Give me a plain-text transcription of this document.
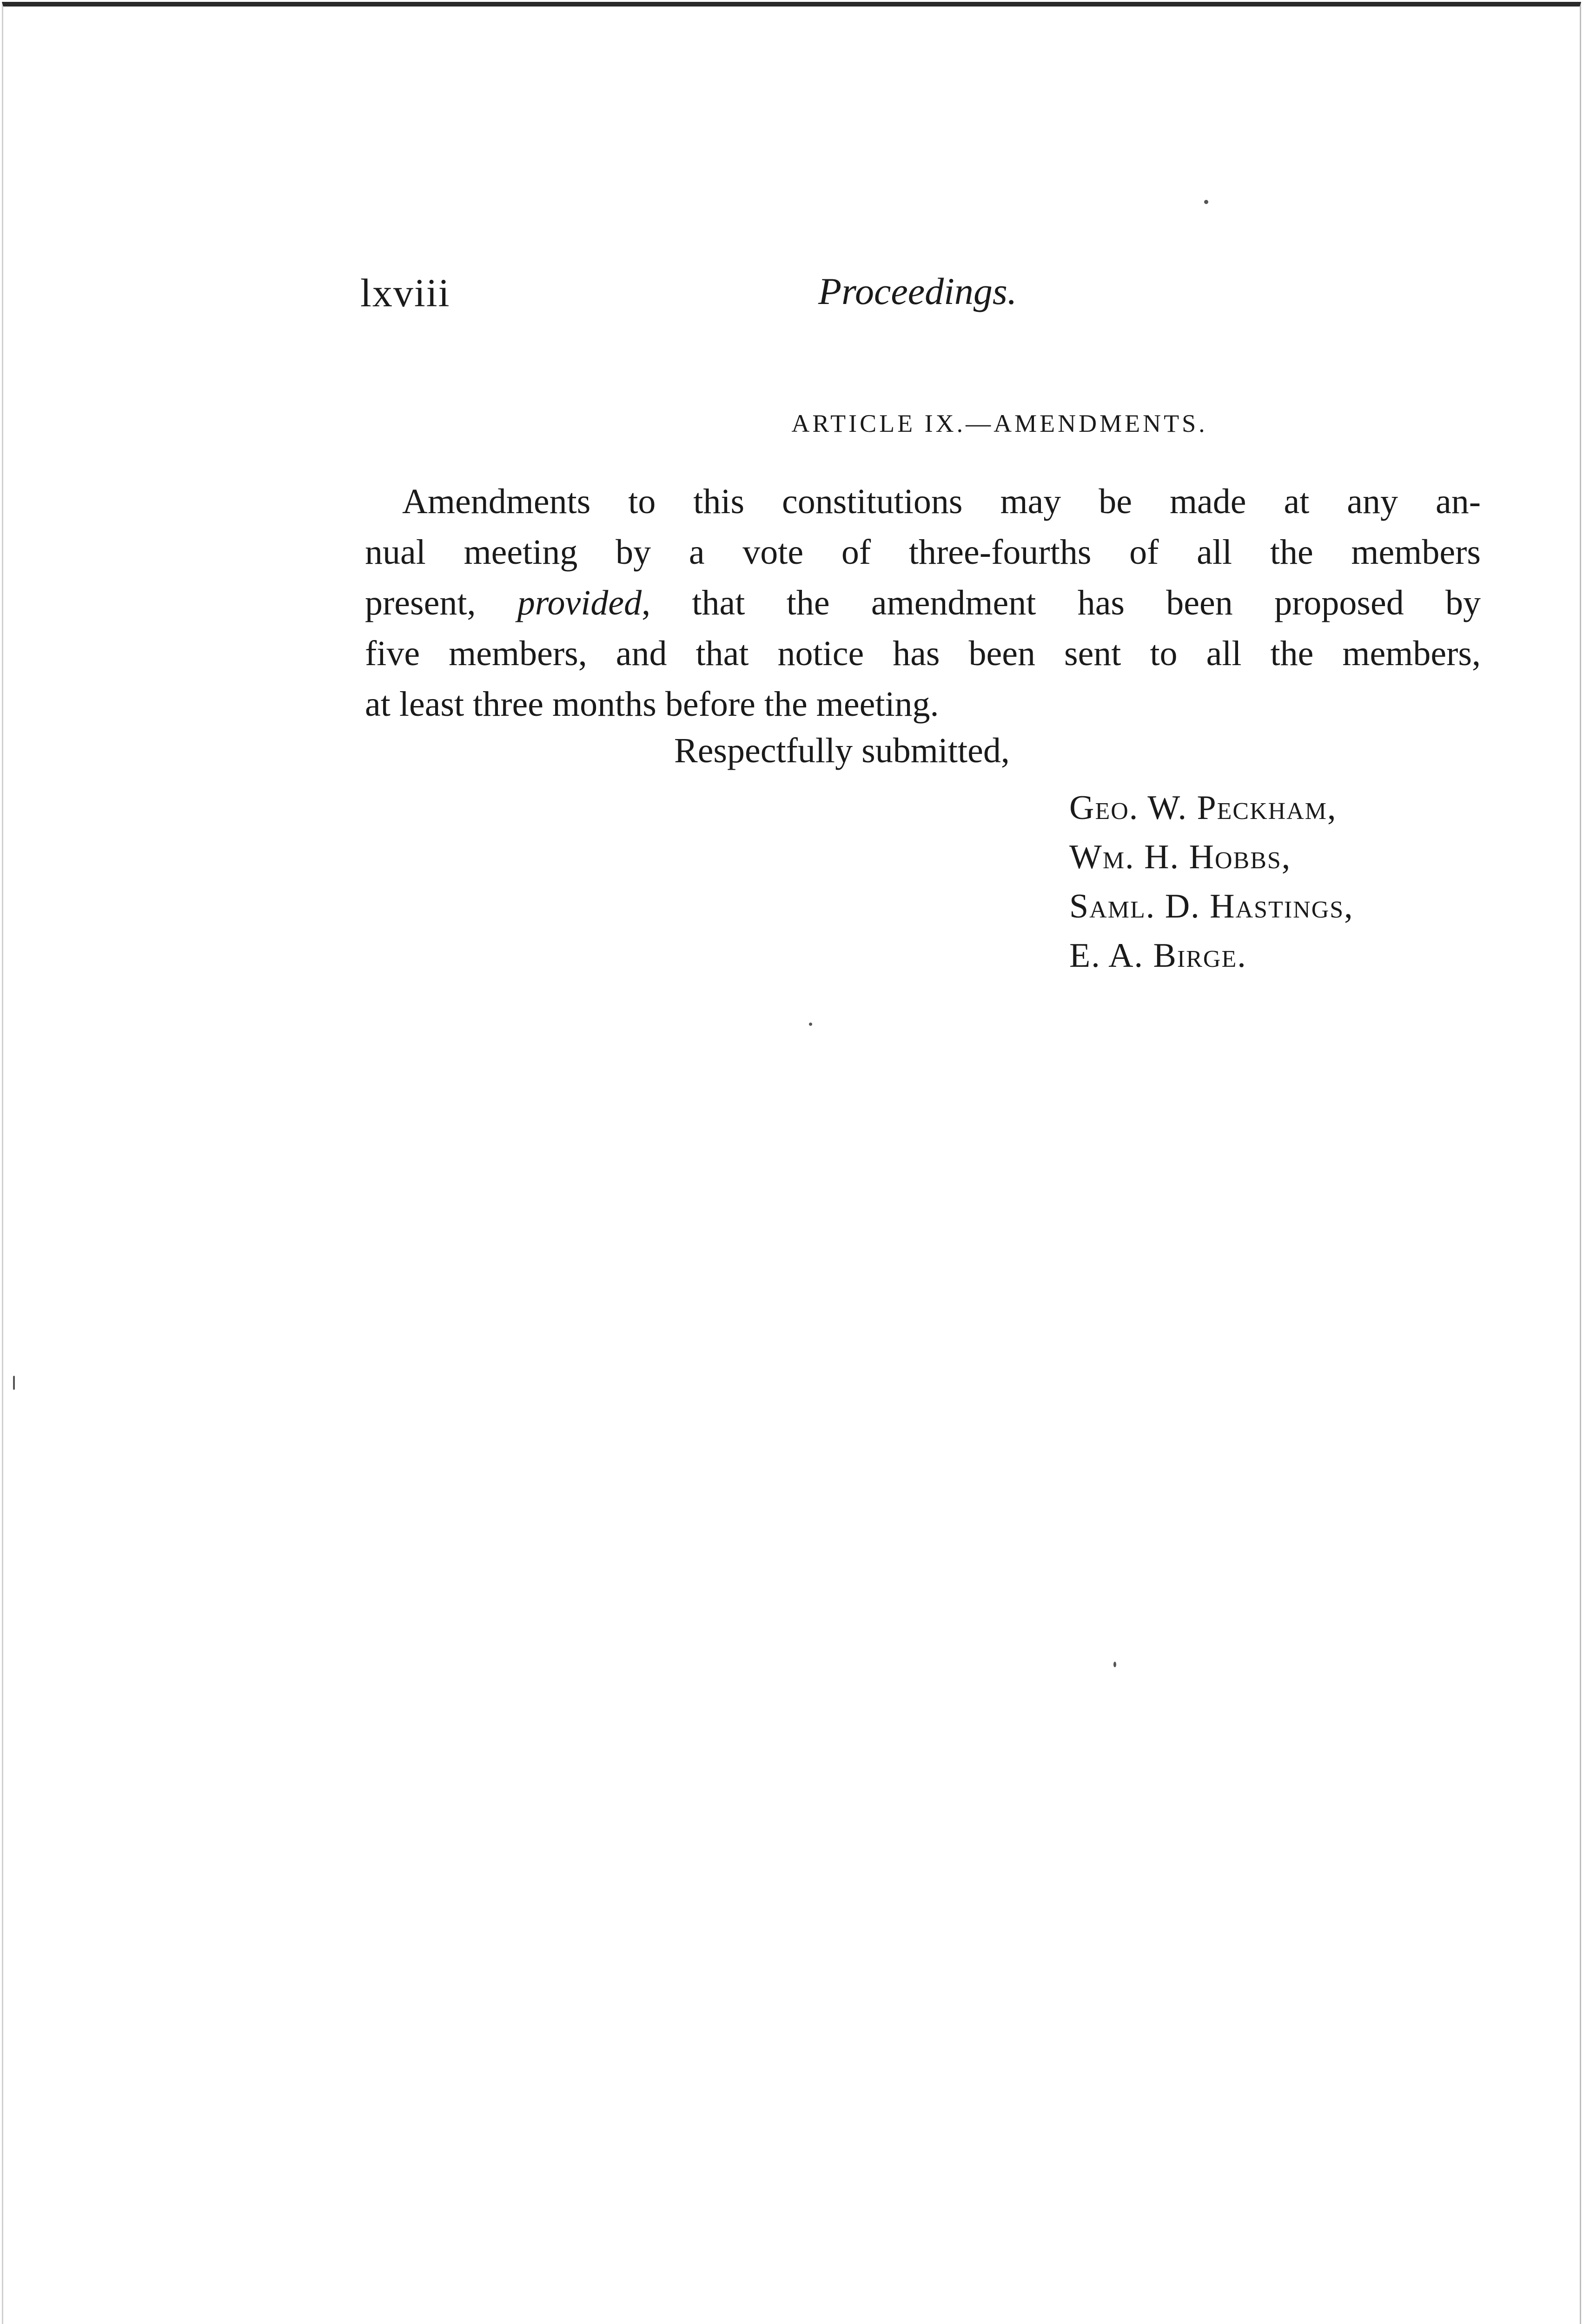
lxviii	Proceedings.
ARTICLE IX.—AMENDMENTS.
Amendments to this constitutions may be made at any an-
nual meeting by a vote of three-fourths of all the members
present, provided, that the amendment has been proposed by
five members, and that notice has been sent to all the members,
at least three months before the meeting.
Respectfully submitted,
Geo. W. Peckham,
Wm. H. Hobbs,
Saml. D. Hastings,
E. A. Birge.
